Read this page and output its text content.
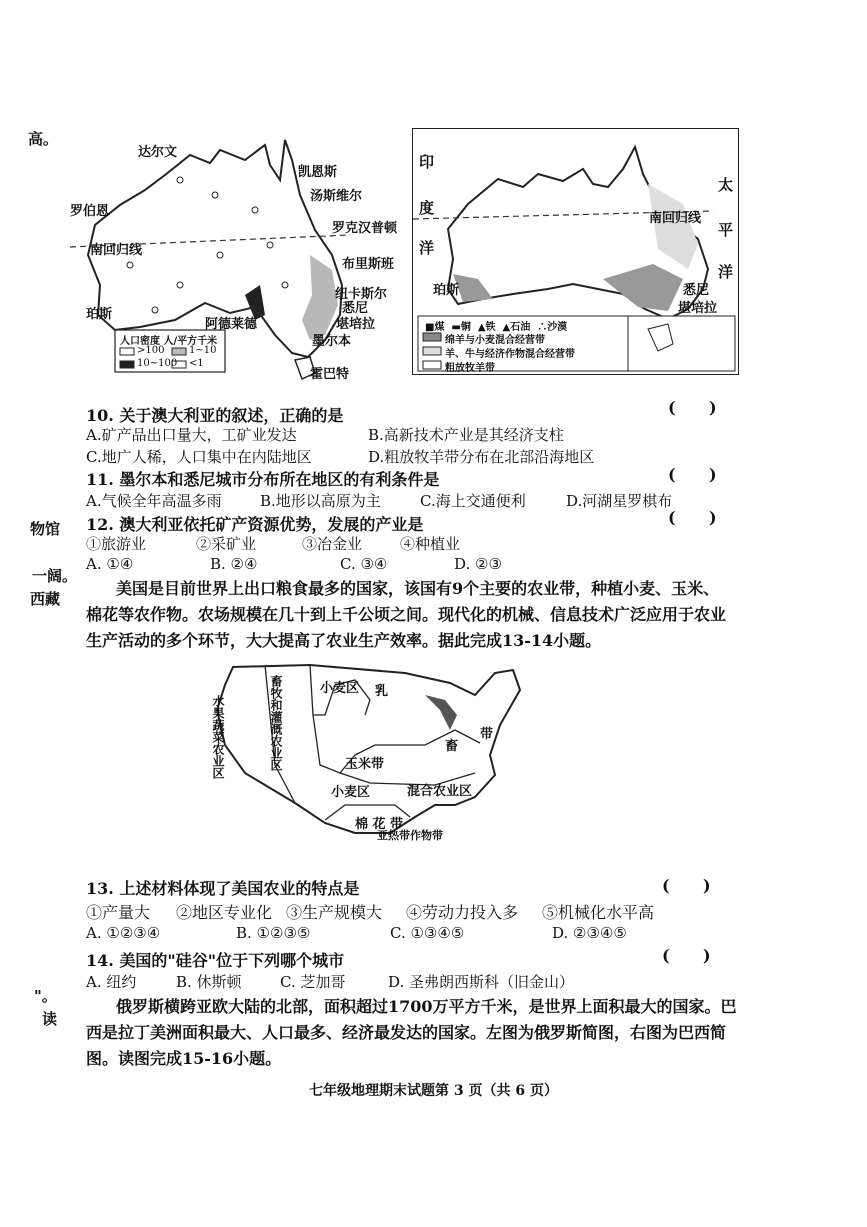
高。
物馆
一阔。
西藏
"。
读
达尔文
凯恩斯
汤斯维尔
罗伯恩
罗克汉普顿
南回归线
布里斯班
纽卡斯尔
悉尼
珀斯
堪培拉
阿德莱德
墨尔本
霍巴特
人口密度 人/平方千米
>100 1~10
10~100 <1
印
度
洋
太
平
洋
南回归线
珀斯	悉尼
堪培拉
■煤 ▬铜 ▲铁 ▲石油 ∴沙漠
绵羊与小麦混合经营带
羊、牛与经济作物混合经营带
粗放牧羊带
10. 关于澳大利亚的叙述，正确的是	(      )
A.矿产品出口量大，工矿业发达	B.高新技术产业是其经济支柱
C.地广人稀，人口集中在内陆地区	D.粗放牧羊带分布在北部沿海地区
11. 墨尔本和悉尼城市分布所在地区的有利条件是	(      )
A.气候全年高温多雨	B.地形以高原为主	C.海上交通便利	D.河湖星罗棋布
12. 澳大利亚依托矿产资源优势，发展的产业是	(      )
①旅游业	②采矿业	③冶金业	④种植业
A. ①④	B. ②④	C. ③④	D. ②③
美国是目前世界上出口粮食最多的国家，该国有9个主要的农业带，种植小麦、玉米、棉花等农作物。农场规模在几十到上千公顷之间。现代化的机械、信息技术广泛应用于农业生产活动的多个环节，大大提高了农业生产效率。据此完成13-14小题。
水果蔬菜农业区	畜牧和灌溉农业区	小麦区 乳
畜
带
玉米带
小麦区	混合农业区
棉 花 带
亚热带作物带
13. 上述材料体现了美国农业的特点是	(      )
①产量大 ②地区专业化 ③生产规模大 ④劳动力投入多 ⑤机械化水平高
A. ①②③④	B. ①②③⑤	C. ①③④⑤	D. ②③④⑤
14. 美国的"硅谷"位于下列哪个城市	(      )
A. 纽约	B. 休斯顿	C. 芝加哥	D. 圣弗朗西斯科（旧金山）
俄罗斯横跨亚欧大陆的北部，面积超过1700万平方千米，是世界上面积最大的国家。巴西是拉丁美洲面积最大、人口最多、经济最发达的国家。左图为俄罗斯简图，右图为巴西简图。读图完成15-16小题。
七年级地理期末试题第 3 页（共 6 页）
